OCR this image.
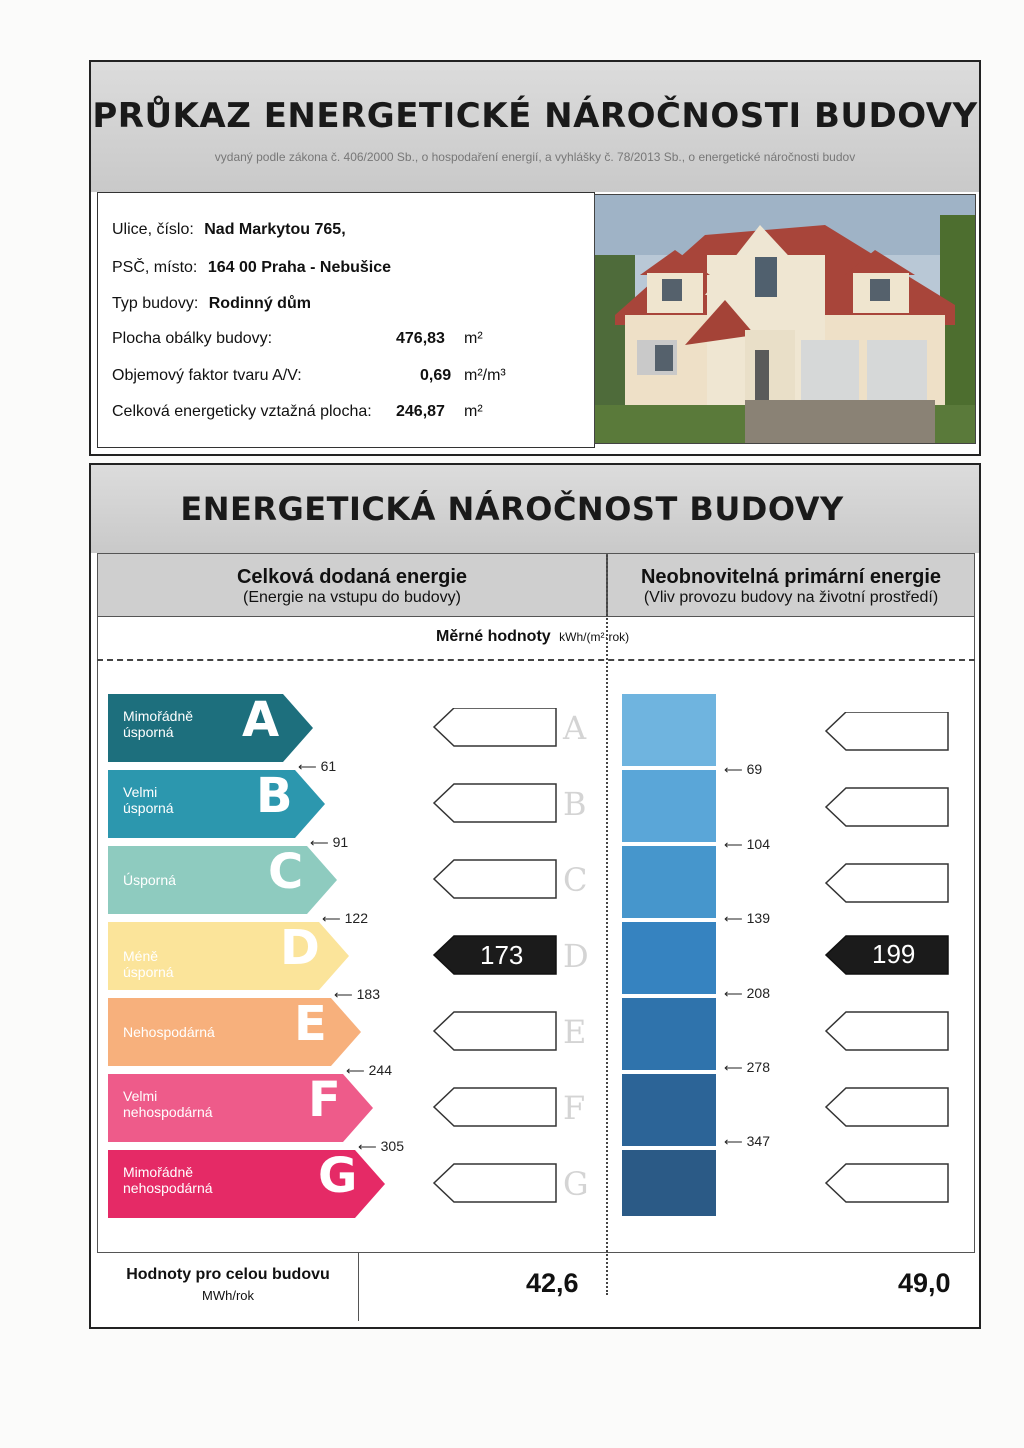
PRŮKAZ ENERGETICKÉ NÁROČNOSTI BUDOVY
vydaný podle zákona č. 406/2000 Sb., o hospodaření energií, a vyhlášky č. 78/2013 Sb., o energetické náročnosti budov
Ulice, číslo: Nad Markytou 765,
PSČ, místo: 164 00 Praha - Nebušice
Typ budovy: Rodinný dům
Plocha obálky budovy:	476,83 m²
Objemový faktor tvaru A/V:	0,69 m²/m³
Celková energeticky vztažná plocha: 246,87 m²
ENERGETICKÁ NÁROČNOST BUDOVY
Celková dodaná energie
(Energie na vstupu do budovy)
Neobnovitelná primární energie
(Vliv provozu budovy na životní prostředí)
Měrné hodnoty kWh/(m²·rok)
Mimořádně
úsporná	A
Velmi
úsporná B
Úsporná C
Méně úsporná D
Nehospodárná E
Velmi
nehospodárná F
Mimořádně
nehospodárná G
⟵ 61
⟵ 91
⟵ 122
⟵ 183
⟵ 244
⟵ 305
173
A
B
C
D
E
F
G
⟵ 69
⟵ 104
⟵ 139
⟵ 208
⟵ 278
⟵ 347
199
Hodnoty pro celou budovu
MWh/rok	42,6	49,0
